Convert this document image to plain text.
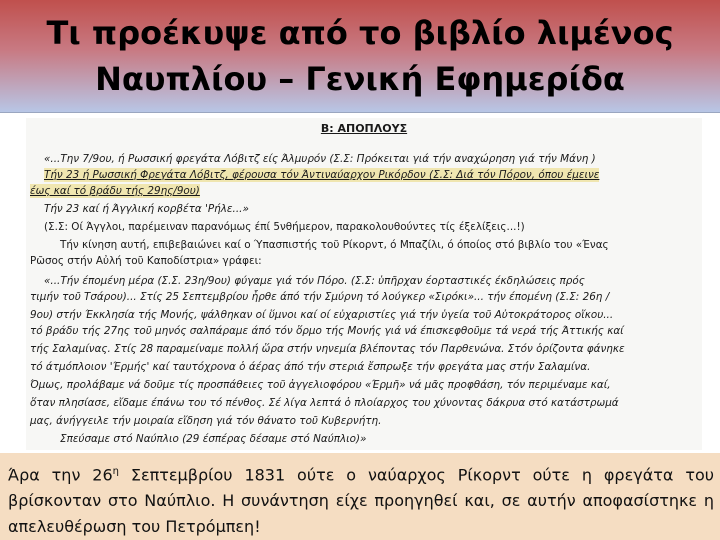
Τι προέκυψε από το βιβλίο λιμένος
Ναυπλίου – Γενική Εφημερίδα
Β: ΑΠΟΠΛΟΥΣ
«...Την 7/9ου, ή Ρωσσική φρεγάτα Λόβιτζ είς Άλμυρόν (Σ.Σ: Πρόκειται γιά τήν αναχώρηση γιά τήν Μάνη )
Τήν 23 ή Ρωσσική Φρεγάτα Λόβιτζ, φέρουσα τόν Άντιναύαρχον Ρικόρδον (Σ.Σ: Διά τόν Πόρον, όπου έμεινε
έως καί τό βράδυ τής 29ης/9ου)
Τήν 23 καί ή Άγγλική κορβέτα 'Ρήλε...»
(Σ.Σ: Οί Άγγλοι, παρέμειναν παρανόμως έπί 5νθήμερον, παρακολουθούντες τίς έξελίξεις...!)
Τήν κίνηση αυτή, επιβεβαιώνει καί ο Ύπασπιστής τοῦ Ρίκορντ, ό Μπαζίλι, ό όποίος στό βιβλίο του «Ένας
Ρῶσος στήν Αὐλή τοῦ Καποδίστρια» γράφει:
«...Τήν έπομένη μέρα (Σ.Σ. 23η/9ου) φύγαμε γιά τόν Πόρο. (Σ.Σ: ὑπῆρχαν έορταστικές έκδηλώσεις πρός
τιμήν τοῦ Τσάρου)... Στίς 25 Σεπτεμβρίου ἦρθε άπό τήν Σμύρνη τό λούγκερ «Σιρόκι»... τήν έπομένη (Σ.Σ: 26η /
9ου) στήν Έκκλησία τής Μονής, ψάλθηκαν οί ὕμνοι καί οί εὐχαριστίες γιά τήν ὑγεία τοῦ Αὐτοκράτορος οἴκου...
τό βράδυ τής 27ης τοῦ μηνός σαλπάραμε άπό τόν ὅρμο τής Μονής γιά νά έπισκεφθοῦμε τά νερά τής Άττικής καί
τής Σαλαμίνας. Στίς 28 παραμείναμε πολλή ὥρα στήν νηνεμία βλέποντας τόν Παρθενώνα. Στόν ὁρίζοντα φάνηκε
τό άτμόπλοιον 'Έρμής' καί ταυτόχρονα ὁ άέρας άπό τήν στεριά ἔσπρωξε τήν φρεγάτα μας στήν Σαλαμίνα.
Όμως, προλάβαμε νά δοῦμε τίς προσπάθειες τοῦ ἀγγελιοφόρου «Έρμῆ» νά μᾶς προφθάση, τόν περιμέναμε καί,
ὅταν πλησίασε, εἴδαμε έπάνω του τό πένθος. Σέ λίγα λεπτά ὁ πλοίαρχος του χύνοντας δάκρυα στό κατάστρωμά
μας, άνήγγειλε τήν μοιραία εἴδηση γιά τόν θάνατο τοῦ Κυβερνήτη.
Σπεύσαμε στό Ναύπλιο (29 έσπέρας δέσαμε στό Ναύπλιο)»

Άρα την $26^\eta$ Σεπτεμβρίου 1831 ούτε ο ναύαρχος Ρίκορντ ούτε η φρεγάτα του βρίσκονταν στο Ναύπλιο. Η συνάντηση είχε προηγηθεί και, σε αυτήν αποφασίστηκε η απελευθέρωση του Πετρόμπεη!
